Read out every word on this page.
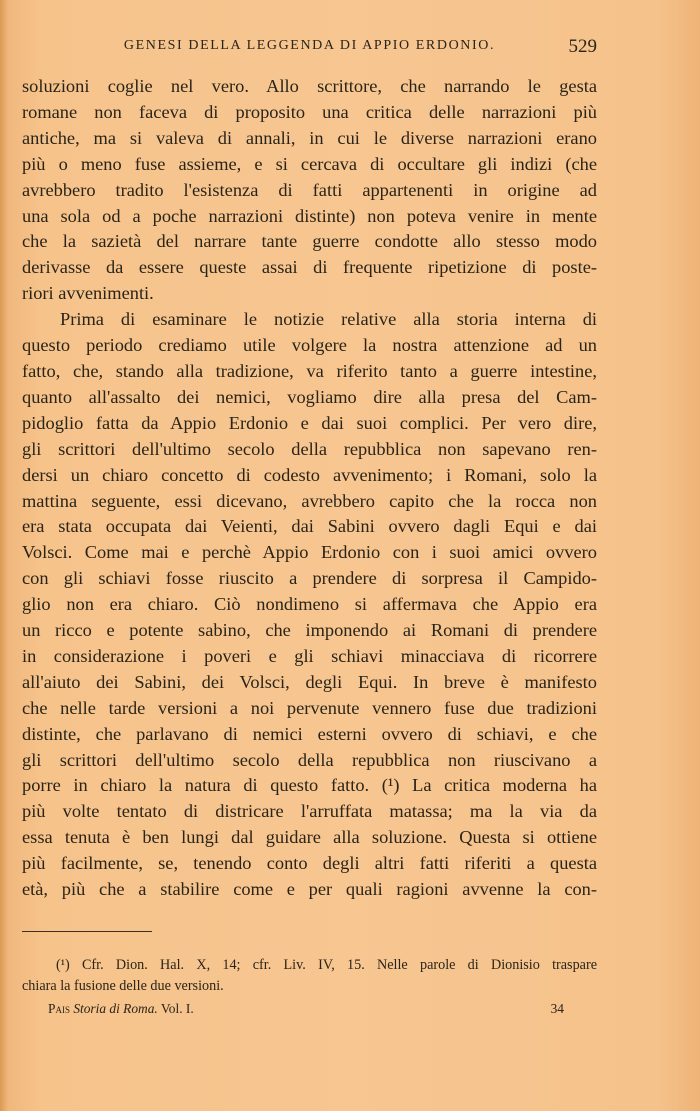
GENESI DELLA LEGGENDA DI APPIO ERDONIO.	529

soluzioni coglie nel vero. Allo scrittore, che narrando le gesta
romane non faceva di proposito una critica delle narrazioni più
antiche, ma si valeva di annali, in cui le diverse narrazioni erano
più o meno fuse assieme, e si cercava di occultare gli indizi (che
avrebbero tradito l'esistenza di fatti appartenenti in origine ad
una sola od a poche narrazioni distinte) non poteva venire in mente
che la sazietà del narrare tante guerre condotte allo stesso modo
derivasse da essere queste assai di frequente ripetizione di poste-
riori avvenimenti.

Prima di esaminare le notizie relative alla storia interna di
questo periodo crediamo utile volgere la nostra attenzione ad un
fatto, che, stando alla tradizione, va riferito tanto a guerre intestine,
quanto all'assalto dei nemici, vogliamo dire alla presa del Cam-
pidoglio fatta da Appio Erdonio e dai suoi complici. Per vero dire,
gli scrittori dell'ultimo secolo della repubblica non sapevano ren-
dersi un chiaro concetto di codesto avvenimento; i Romani, solo la
mattina seguente, essi dicevano, avrebbero capito che la rocca non
era stata occupata dai Veienti, dai Sabini ovvero dagli Equi e dai
Volsci. Come mai e perchè Appio Erdonio con i suoi amici ovvero
con gli schiavi fosse riuscito a prendere di sorpresa il Campido-
glio non era chiaro. Ciò nondimeno si affermava che Appio era
un ricco e potente sabino, che imponendo ai Romani di prendere
in considerazione i poveri e gli schiavi minacciava di ricorrere
all'aiuto dei Sabini, dei Volsci, degli Equi. In breve è manifesto
che nelle tarde versioni a noi pervenute vennero fuse due tradizioni
distinte, che parlavano di nemici esterni ovvero di schiavi, e che
gli scrittori dell'ultimo secolo della repubblica non riuscivano a
porre in chiaro la natura di questo fatto. (¹) La critica moderna ha
più volte tentato di districare l'arruffata matassa; ma la via da
essa tenuta è ben lungi dal guidare alla soluzione. Questa si ottiene
più facilmente, se, tenendo conto degli altri fatti riferiti a questa
età, più che a stabilire come e per quali ragioni avvenne la con-

(¹) Cfr. Dion. Hal. X, 14; cfr. Liv. IV, 15. Nelle parole di Dionisio traspare
chiara la fusione delle due versioni.
Pais Storia di Roma. Vol. I.	34
